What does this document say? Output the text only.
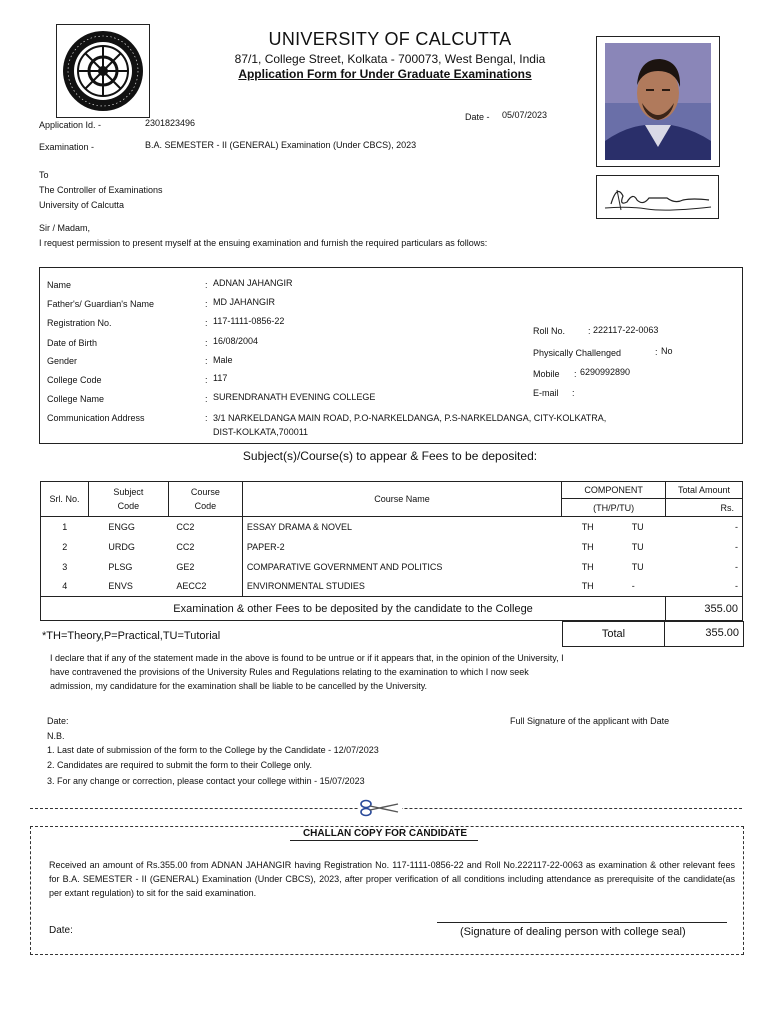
UNIVERSITY OF CALCUTTA
87/1, College Street, Kolkata - 700073, West Bengal, India
Application Form for Under Graduate Examinations
Date - 05/07/2023
Application Id. -	2301823496
Examination -	B.A. SEMESTER - II (GENERAL) Examination (Under CBCS), 2023
To
The Controller of Examinations
University of Calcutta
Sir / Madam,
I request permission to present myself at the ensuing examination and furnish the required particulars as follows:
Name	: ADNAN JAHANGIR
Father's/ Guardian's Name	: MD JAHANGIR
Registration No.	: 117-1111-0856-22
Date of Birth	: 16/08/2004
Gender	: Male
College Code	: 117
College Name	: SURENDRANATH EVENING COLLEGE
Communication Address	: 3/1 NARKELDANGA MAIN ROAD, P.O-NARKELDANGA, P.S-NARKELDANGA, CITY-KOLKATRA,
DIST-KOLKATA,700011
Roll No.	: 222117-22-0063
Physically Challenged	: No
Mobile : 6290992890
E-mail :
Subject(s)/Course(s) to appear & Fees to be deposited:
Srl. No.	Subject Code	Course Code	Course Name	COMPONENT	Total Amount
				(TH/P/TU)	Rs.
1	ENGG	CC2	ESSAY DRAMA & NOVEL	TH TU	-
2	URDG	CC2	PAPER-2	TH TU	-
3	PLSG	GE2	COMPARATIVE GOVERNMENT AND POLITICS	TH TU	-
4	ENVS	AECC2	ENVIRONMENTAL STUDIES	TH -	-
Examination & other Fees to be deposited by the candidate to the College					355.00
*TH=Theory,P=Practical,TU=Tutorial	Total	355.00
I declare that if any of the statement made in the above is found to be untrue or if it appears that, in the opinion of the University, I
have contravened the provisions of the University Rules and Regulations relating to the examination to which I now seek
admission, my candidature for the examination shall be liable to be cancelled by the University.
Date:	Full Signature of the applicant with Date
N.B.
1. Last date of submission of the form to the College by the Candidate - 12/07/2023
2. Candidates are required to submit the form to their College only.
3. For any change or correction, please contact your college within - 15/07/2023
CHALLAN COPY FOR CANDIDATE
Received an amount of Rs.355.00 from ADNAN JAHANGIR having Registration No. 117-1111-0856-22 and Roll No.222117-22-0063 as examination & other relevant fees for B.A. SEMESTER - II (GENERAL) Examination (Under CBCS), 2023, after proper verification of all conditions including attendance as prerequisite of the candidate(as per extant regulation) to sit for the said examination.
Date:	(Signature of dealing person with college seal)
